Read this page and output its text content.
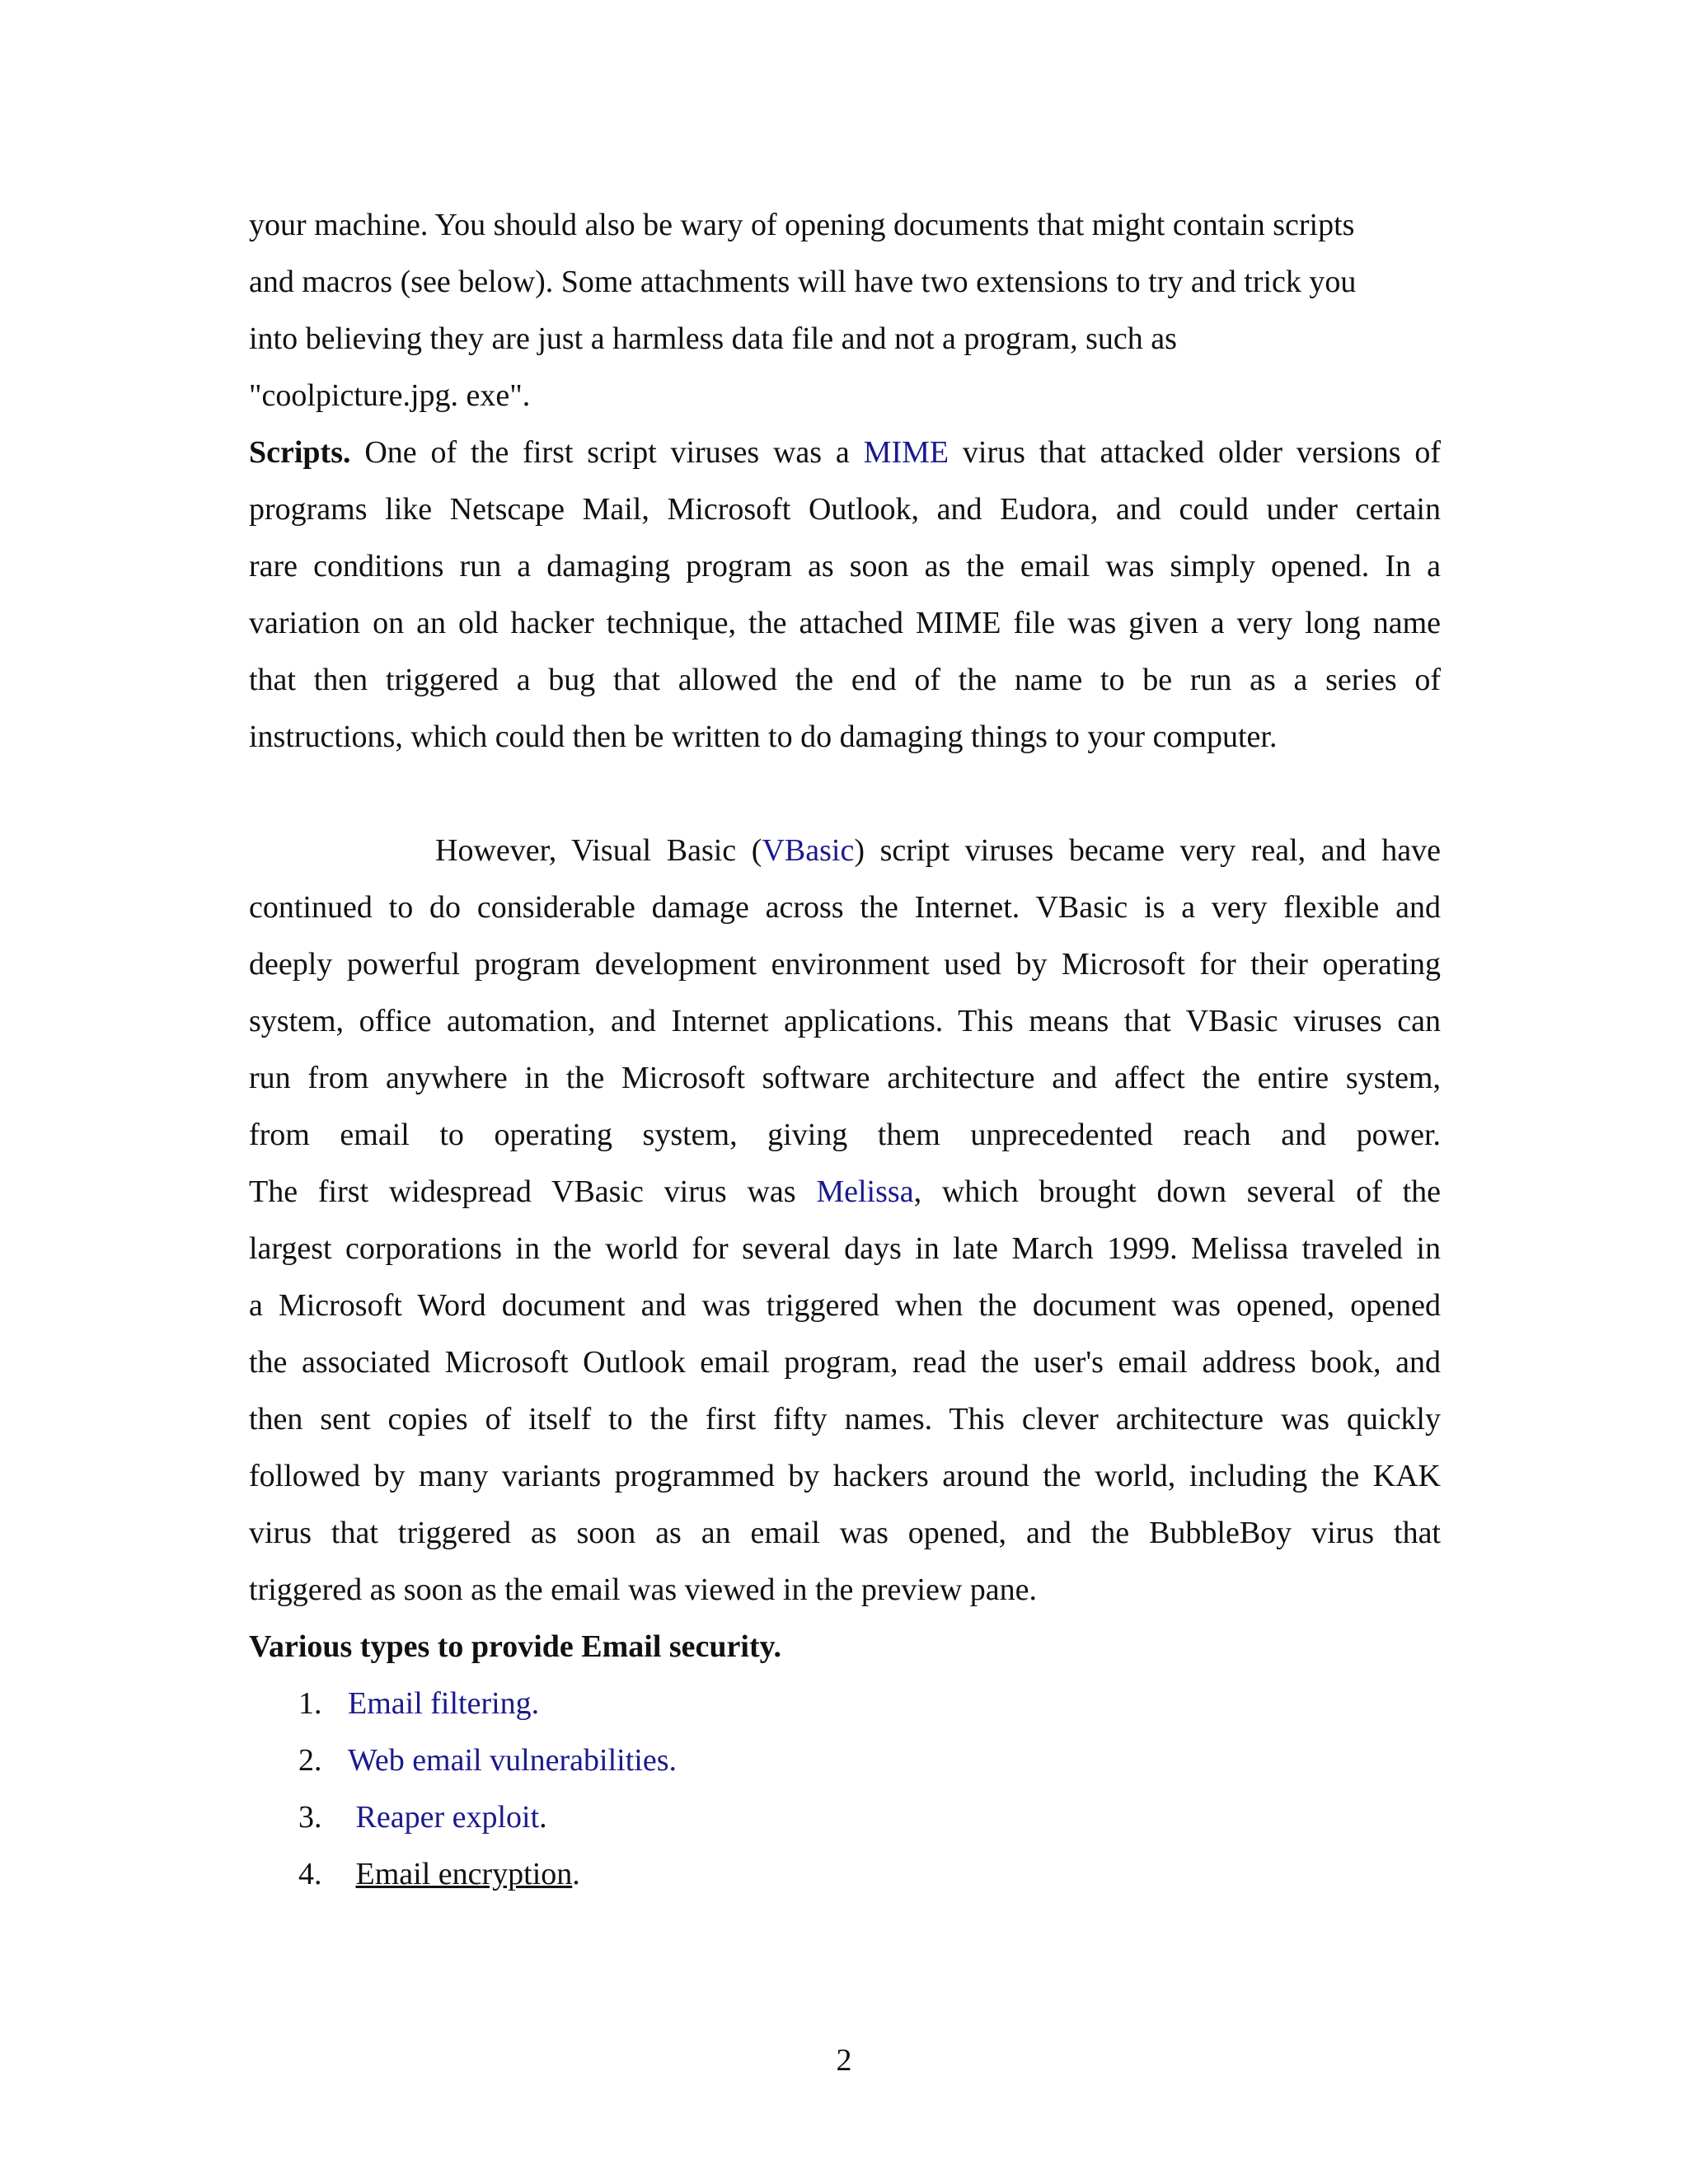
your machine. You should also be wary of opening documents that might contain scripts
and macros (see below). Some attachments will have two extensions to try and trick you
into believing they are just a harmless data file and not a program, such as
"coolpicture.jpg. exe".
Scripts. One of the first script viruses was a MIME virus that attacked older versions of
programs like Netscape Mail, Microsoft Outlook, and Eudora, and could under certain
rare conditions run a damaging program as soon as the email was simply opened. In a
variation on an old hacker technique, the attached MIME file was given a very long name
that then triggered a bug that allowed the end of the name to be run as a series of
instructions, which could then be written to do damaging things to your computer.
However, Visual Basic (VBasic) script viruses became very real, and have
continued to do considerable damage across the Internet. VBasic is a very flexible and
deeply powerful program development environment used by Microsoft for their operating
system, office automation, and Internet applications. This means that VBasic viruses can
run from anywhere in the Microsoft software architecture and affect the entire system,
from email to operating system, giving them unprecedented reach and power.
The first widespread VBasic virus was Melissa, which brought down several of the
largest corporations in the world for several days in late March 1999. Melissa traveled in
a Microsoft Word document and was triggered when the document was opened, opened
the associated Microsoft Outlook email program, read the user's email address book, and
then sent copies of itself to the first fifty names. This clever architecture was quickly
followed by many variants programmed by hackers around the world, including the KAK
virus that triggered as soon as an email was opened, and the BubbleBoy virus that
triggered as soon as the email was viewed in the preview pane.
Various types to provide Email security.
1. Email filtering.
2. Web email vulnerabilities.
3. Reaper exploit.
4. Email encryption.
2
